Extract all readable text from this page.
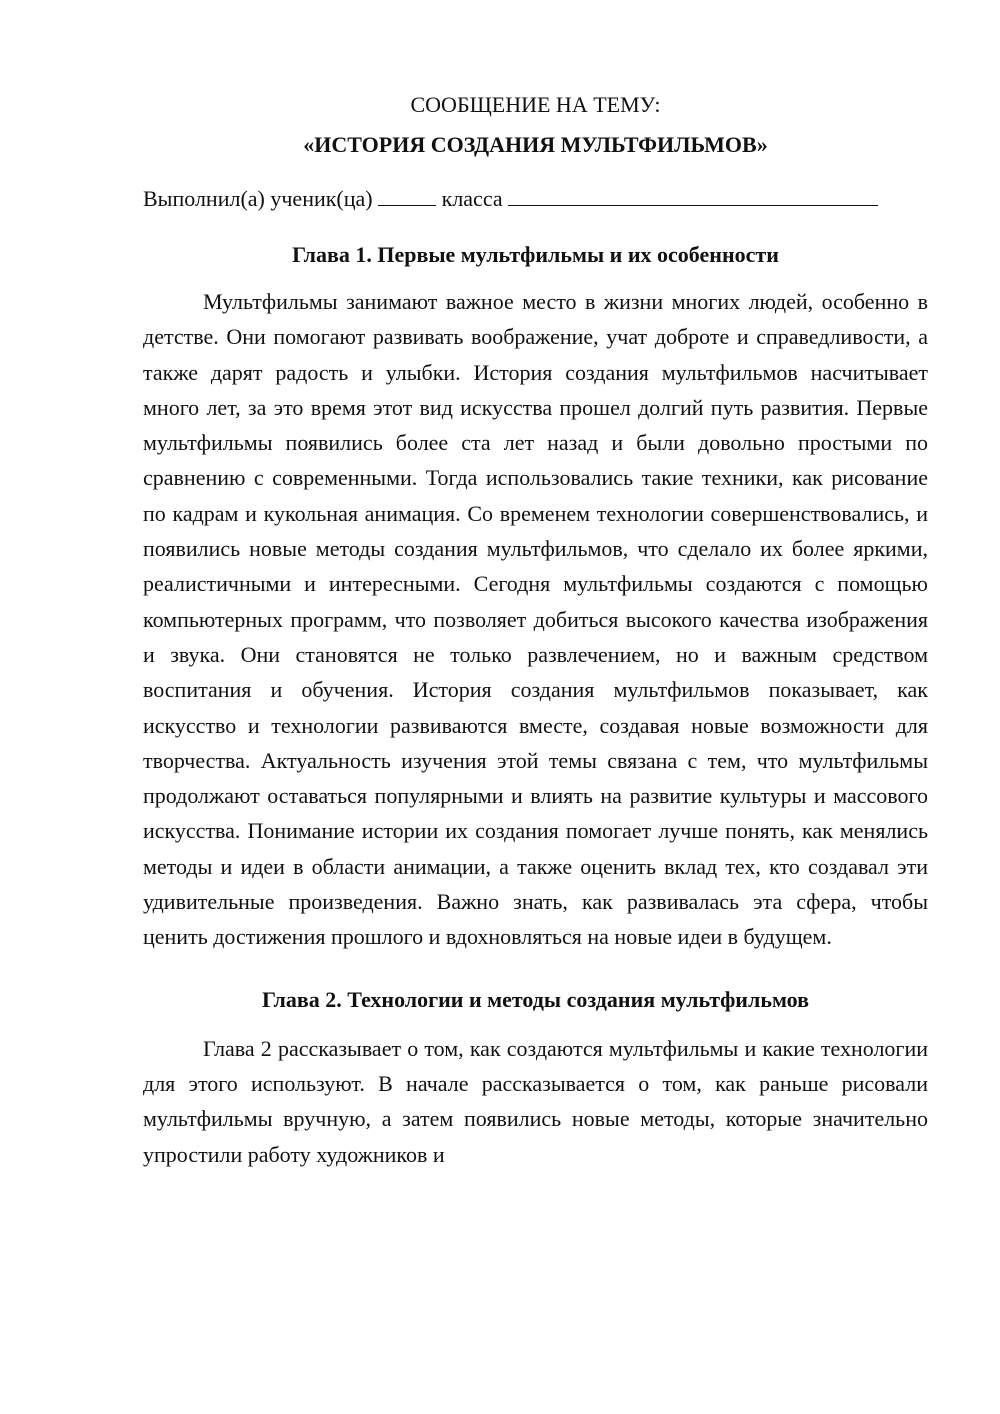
СООБЩЕНИЕ НА ТЕМУ:
«ИСТОРИЯ СОЗДАНИЯ МУЛЬТФИЛЬМОВ»

Выполнил(а) ученик(ца)	класса

Глава 1. Первые мультфильмы и их особенности

Мультфильмы занимают важное место в жизни многих людей, особенно в детстве. Они помогают развивать воображение, учат доброте и справедливости, а также дарят радость и улыбки. История создания мультфильмов насчитывает много лет, за это время этот вид искусства прошел долгий путь развития. Первые мультфильмы появились более ста лет назад и были довольно простыми по сравнению с современными. Тогда использовались такие техники, как рисование по кадрам и кукольная анимация. Со временем технологии совершенствовались, и появились новые методы создания мультфильмов, что сделало их более яркими, реалистичными и интересными. Сегодня мультфильмы создаются с помощью компьютерных программ, что позволяет добиться высокого качества изображения и звука. Они становятся не только развлечением, но и важным средством воспитания и обучения. История создания мультфильмов показывает, как искусство и технологии развиваются вместе, создавая новые возможности для творчества. Актуальность изучения этой темы связана с тем, что мультфильмы продолжают оставаться популярными и влиять на развитие культуры и массового искусства. Понимание истории их создания помогает лучше понять, как менялись методы и идеи в области анимации, а также оценить вклад тех, кто создавал эти удивительные произведения. Важно знать, как развивалась эта сфера, чтобы ценить достижения прошлого и вдохновляться на новые идеи в будущем.

Глава 2. Технологии и методы создания мультфильмов

Глава 2 рассказывает о том, как создаются мультфильмы и какие технологии для этого используют. В начале рассказывается о том, как раньше рисовали мультфильмы вручную, а затем появились новые методы, которые значительно упростили работу художников и
